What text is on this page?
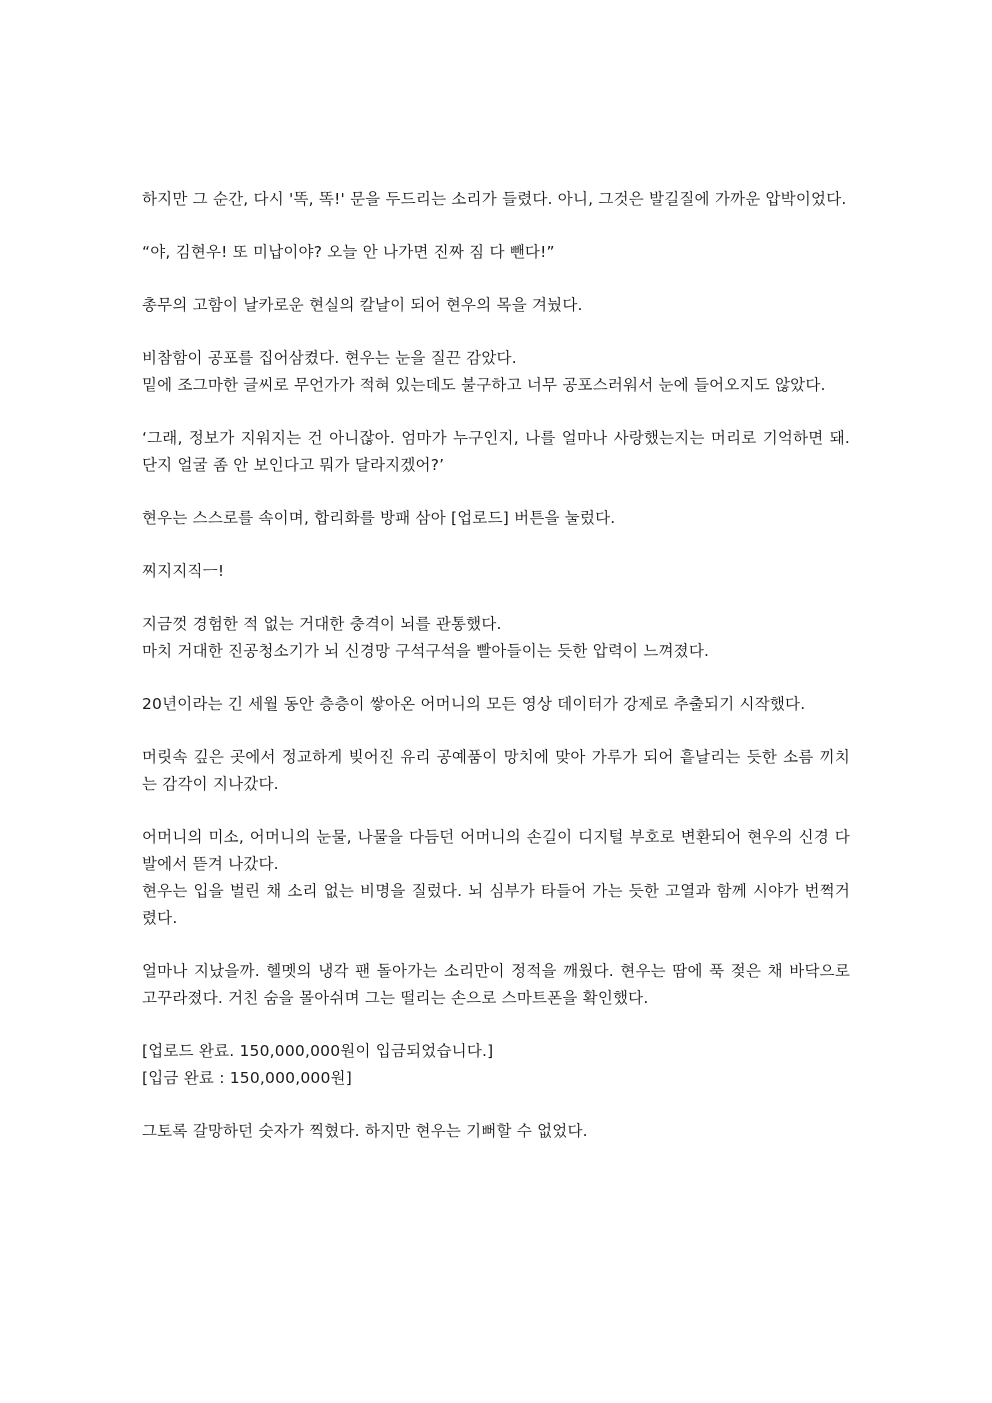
하지만 그 순간, 다시 '똑, 똑!' 문을 두드리는 소리가 들렸다. 아니, 그것은 발길질에 가까운 압박이었다.

“야, 김현우! 또 미납이야? 오늘 안 나가면 진짜 짐 다 뺀다!”

총무의 고함이 날카로운 현실의 칼날이 되어 현우의 목을 겨눴다.

비참함이 공포를 집어삼켰다. 현우는 눈을 질끈 감았다.
밑에 조그마한 글씨로 무언가가 적혀 있는데도 불구하고 너무 공포스러워서 눈에 들어오지도 않았다.

‘그래, 정보가 지워지는 건 아니잖아. 엄마가 누구인지, 나를 얼마나 사랑했는지는 머리로 기억하면 돼. 단지 얼굴 좀 안 보인다고 뭐가 달라지겠어?’

현우는 스스로를 속이며, 합리화를 방패 삼아 [업로드] 버튼을 눌렀다.

찌지지직ㅡ!

지금껏 경험한 적 없는 거대한 충격이 뇌를 관통했다.
마치 거대한 진공청소기가 뇌 신경망 구석구석을 빨아들이는 듯한 압력이 느껴졌다.

20년이라는 긴 세월 동안 층층이 쌓아온 어머니의 모든 영상 데이터가 강제로 추출되기 시작했다.

머릿속 깊은 곳에서 정교하게 빚어진 유리 공예품이 망치에 맞아 가루가 되어 흩날리는 듯한 소름 끼치는 감각이 지나갔다.

어머니의 미소, 어머니의 눈물, 나물을 다듬던 어머니의 손길이 디지털 부호로 변환되어 현우의 신경 다발에서 뜯겨 나갔다.
현우는 입을 벌린 채 소리 없는 비명을 질렀다. 뇌 심부가 타들어 가는 듯한 고열과 함께 시야가 번쩍거렸다.

얼마나 지났을까. 헬멧의 냉각 팬 돌아가는 소리만이 정적을 깨웠다. 현우는 땀에 푹 젖은 채 바닥으로 고꾸라졌다. 거친 숨을 몰아쉬며 그는 떨리는 손으로 스마트폰을 확인했다.

[업로드 완료. 150,000,000원이 입금되었습니다.]
[입금 완료 : 150,000,000원]

그토록 갈망하던 숫자가 찍혔다. 하지만 현우는 기뻐할 수 없었다.
